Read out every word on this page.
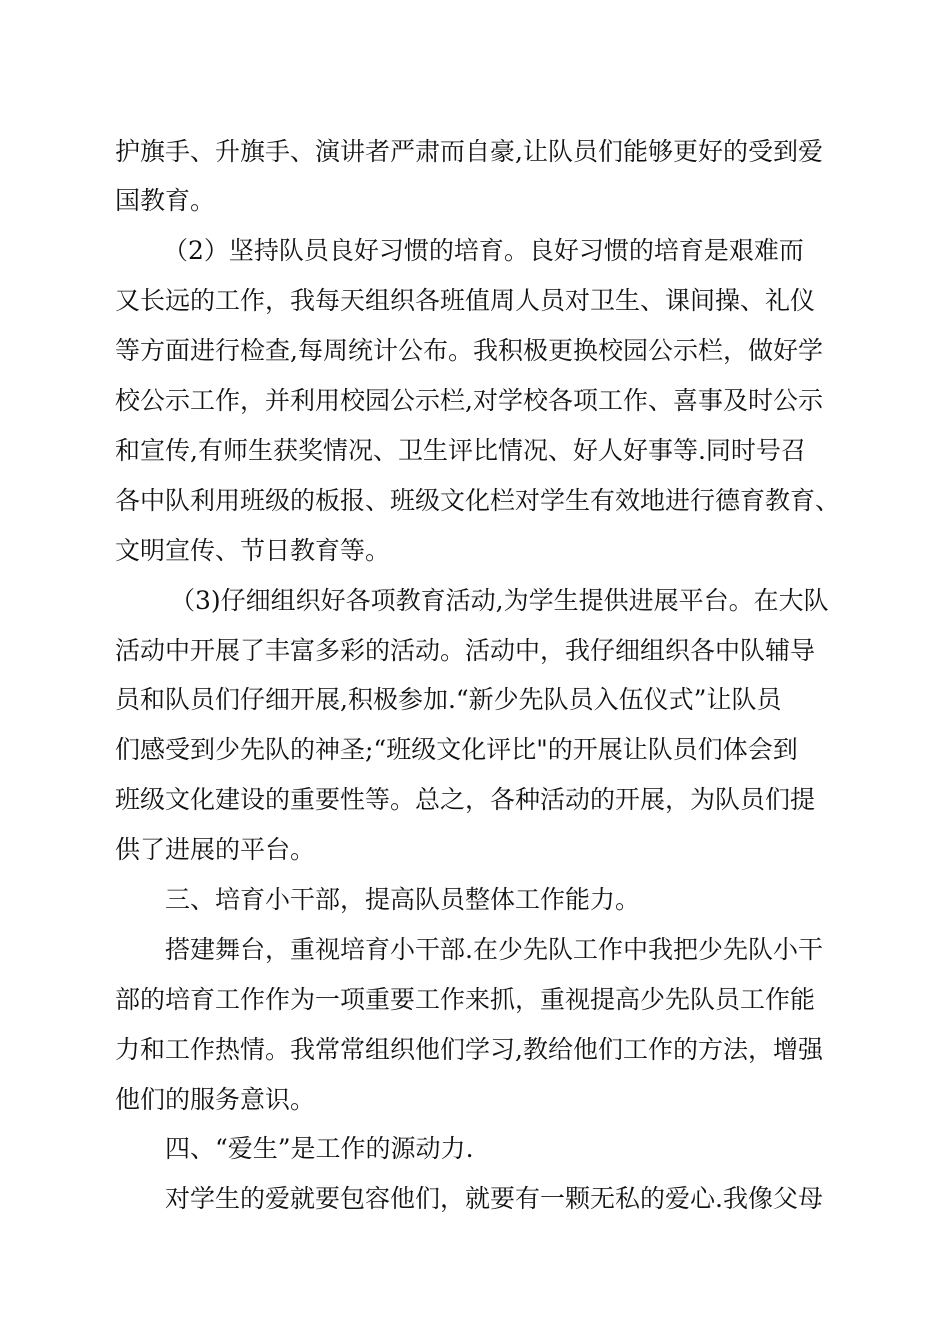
护旗手、升旗手、演讲者严肃而自豪,让队员们能够更好的受到爱

国教育。

（2）坚持队员良好习惯的培育。良好习惯的培育是艰难而

又长远的工作，我每天组织各班值周人员对卫生、课间操、礼仪

等方面进行检查,每周统计公布。我积极更换校园公示栏，做好学

校公示工作，并利用校园公示栏,对学校各项工作、喜事及时公示

和宣传,有师生获奖情况、卫生评比情况、好人好事等.同时号召

各中队利用班级的板报、班级文化栏对学生有效地进行德育教育、

文明宣传、节日教育等。

（3)仔细组织好各项教育活动,为学生提供进展平台。在大队

活动中开展了丰富多彩的活动。活动中，我仔细组织各中队辅导

员和队员们仔细开展,积极参加.“新少先队员入伍仪式”让队员

们感受到少先队的神圣;“班级文化评比"的开展让队员们体会到

班级文化建设的重要性等。总之，各种活动的开展，为队员们提

供了进展的平台。

三、培育小干部，提高队员整体工作能力。

搭建舞台，重视培育小干部.在少先队工作中我把少先队小干

部的培育工作作为一项重要工作来抓，重视提高少先队员工作能

力和工作热情。我常常组织他们学习,教给他们工作的方法，增强

他们的服务意识。

四、“爱生”是工作的源动力.

对学生的爱就要包容他们，就要有一颗无私的爱心.我像父母
